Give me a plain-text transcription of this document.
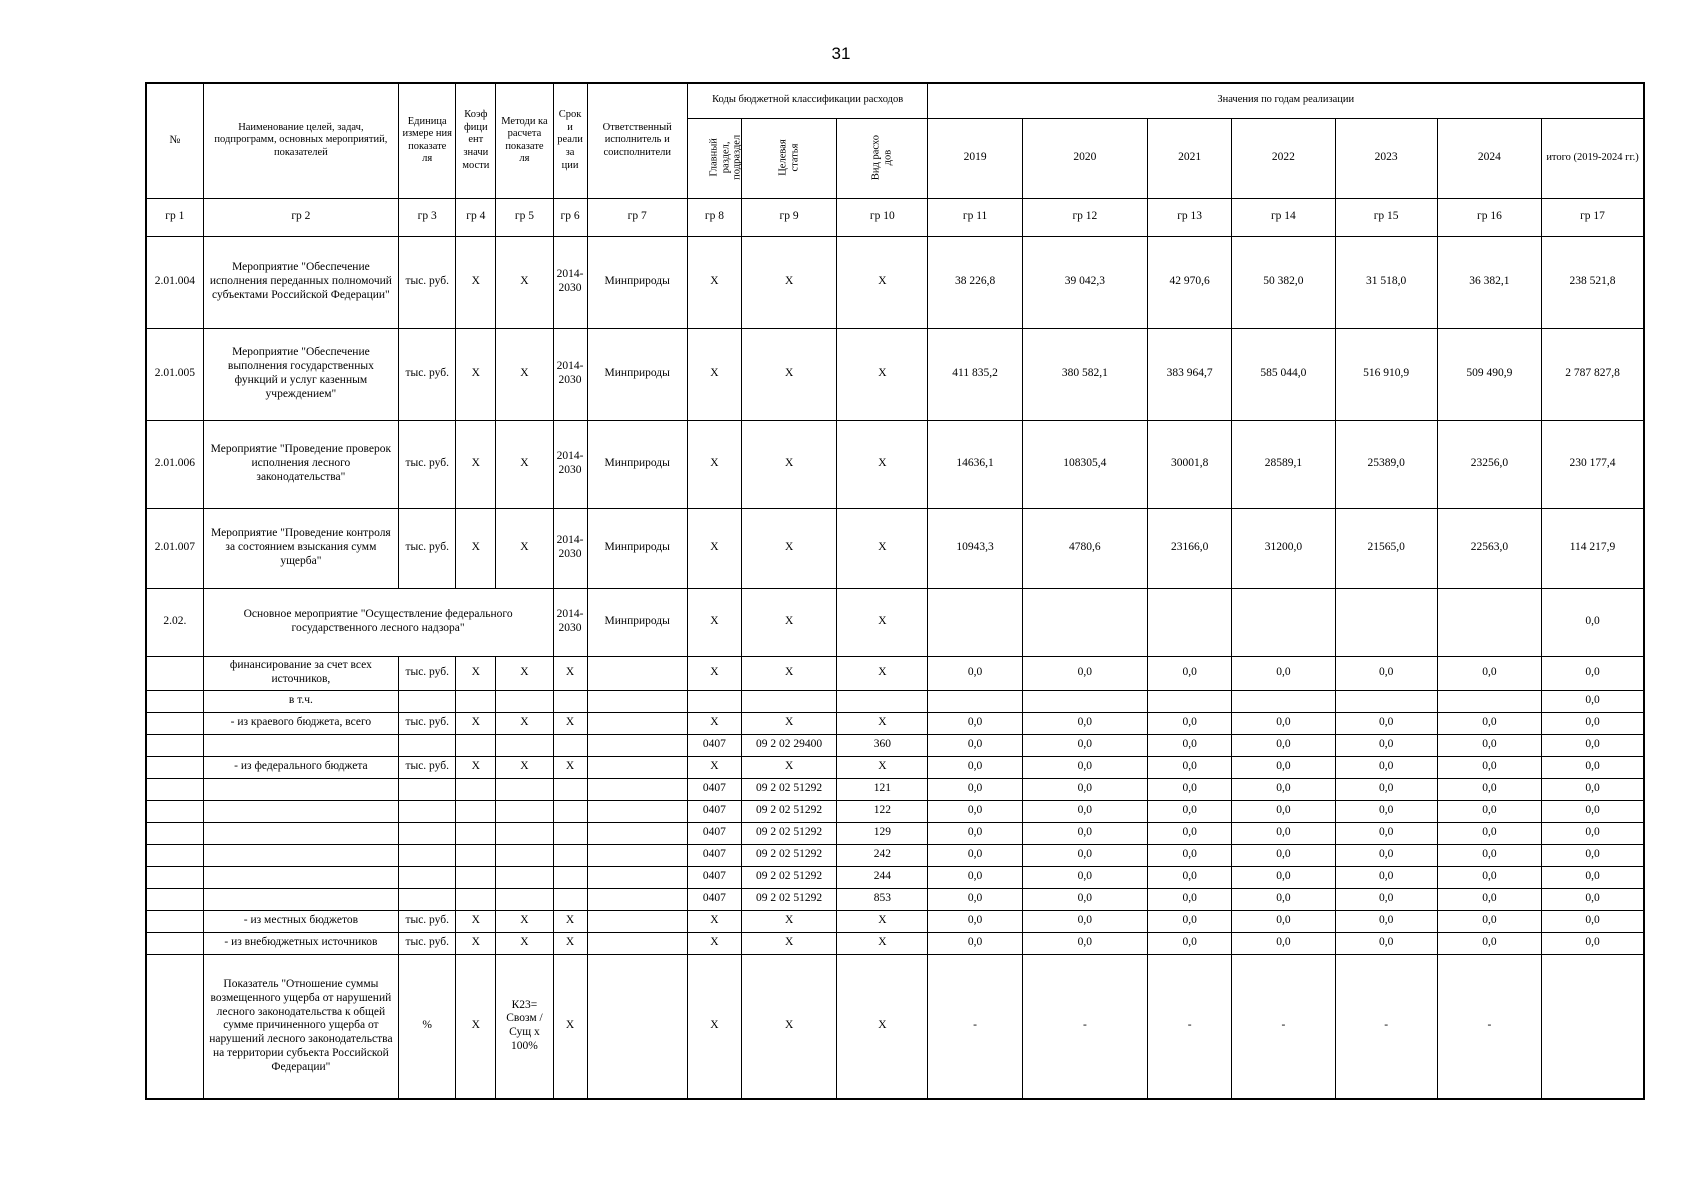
31
№	Наименование целей, задач, подпрограмм, основных мероприятий, показателей	Единица измере ния показате ля	Коэф фици ент значи мости	Методи ка расчета показате ля	Срок и реали за ции	Ответственный исполнитель и соисполнители	Коды бюджетной классификации расходов			Значения по годам реализации						
							Главный раздел, подраздел	Целевая статья	Вид расхо дов	2019	2020	2021	2022	2023	2024	итого (2019-2024 гг.)
гр 1	гр 2	гр 3	гр 4	гр 5	гр 6	гр 7	гр 8	гр 9	гр 10	гр 11	гр 12	гр 13	гр 14	гр 15	гр 16	гр 17
2.01.004	Мероприятие "Обеспечение исполнения переданных полномочий субъектами Российской Федерации"	тыс. руб.	X	X	2014-2030	Минприроды	X	X	X	38 226,8	39 042,3	42 970,6	50 382,0	31 518,0	36 382,1	238 521,8
2.01.005	Мероприятие "Обеспечение выполнения государственных функций и услуг казенным учреждением"	тыс. руб.	X	X	2014-2030	Минприроды	X	X	X	411 835,2	380 582,1	383 964,7	585 044,0	516 910,9	509 490,9	2 787 827,8
2.01.006	Мероприятие "Проведение проверок исполнения лесного законодательства"	тыс. руб.	X	X	2014-2030	Минприроды	X	X	X	14636,1	108305,4	30001,8	28589,1	25389,0	23256,0	230 177,4
2.01.007	Мероприятие "Проведение контроля за состоянием взыскания сумм ущерба"	тыс. руб.	X	X	2014-2030	Минприроды	X	X	X	10943,3	4780,6	23166,0	31200,0	21565,0	22563,0	114 217,9
2.02.	Основное мероприятие "Осуществление федерального государственного лесного надзора"				2014-2030	Минприроды	X	X	X							0,0
	финансирование за счет всех источников,	тыс. руб.	X	X	X		X	X	X	0,0	0,0	0,0	0,0	0,0	0,0	0,0
	в т.ч.															0,0
	- из краевого бюджета, всего	тыс. руб.	X	X	X		X	X	X	0,0	0,0	0,0	0,0	0,0	0,0	0,0
							0407	09 2 02 29400	360	0,0	0,0	0,0	0,0	0,0	0,0	0,0
	- из федерального бюджета	тыс. руб.	X	X	X		X	X	X	0,0	0,0	0,0	0,0	0,0	0,0	0,0
							0407	09 2 02 51292	121	0,0	0,0	0,0	0,0	0,0	0,0	0,0
							0407	09 2 02 51292	122	0,0	0,0	0,0	0,0	0,0	0,0	0,0
							0407	09 2 02 51292	129	0,0	0,0	0,0	0,0	0,0	0,0	0,0
							0407	09 2 02 51292	242	0,0	0,0	0,0	0,0	0,0	0,0	0,0
							0407	09 2 02 51292	244	0,0	0,0	0,0	0,0	0,0	0,0	0,0
							0407	09 2 02 51292	853	0,0	0,0	0,0	0,0	0,0	0,0	0,0
	- из местных бюджетов	тыс. руб.	X	X	X		X	X	X	0,0	0,0	0,0	0,0	0,0	0,0	0,0
	- из внебюджетных источников	тыс. руб.	X	X	X		X	X	X	0,0	0,0	0,0	0,0	0,0	0,0	0,0
	Показатель "Отношение суммы возмещенного ущерба от нарушений лесного законодательства к общей сумме причиненного ущерба от нарушений лесного законодательства на территории субъекта Российской Федерации"	%	X	К23= Свозм / Сущ х 100%	X		X	X	X	-	-	-	-	-	-	
